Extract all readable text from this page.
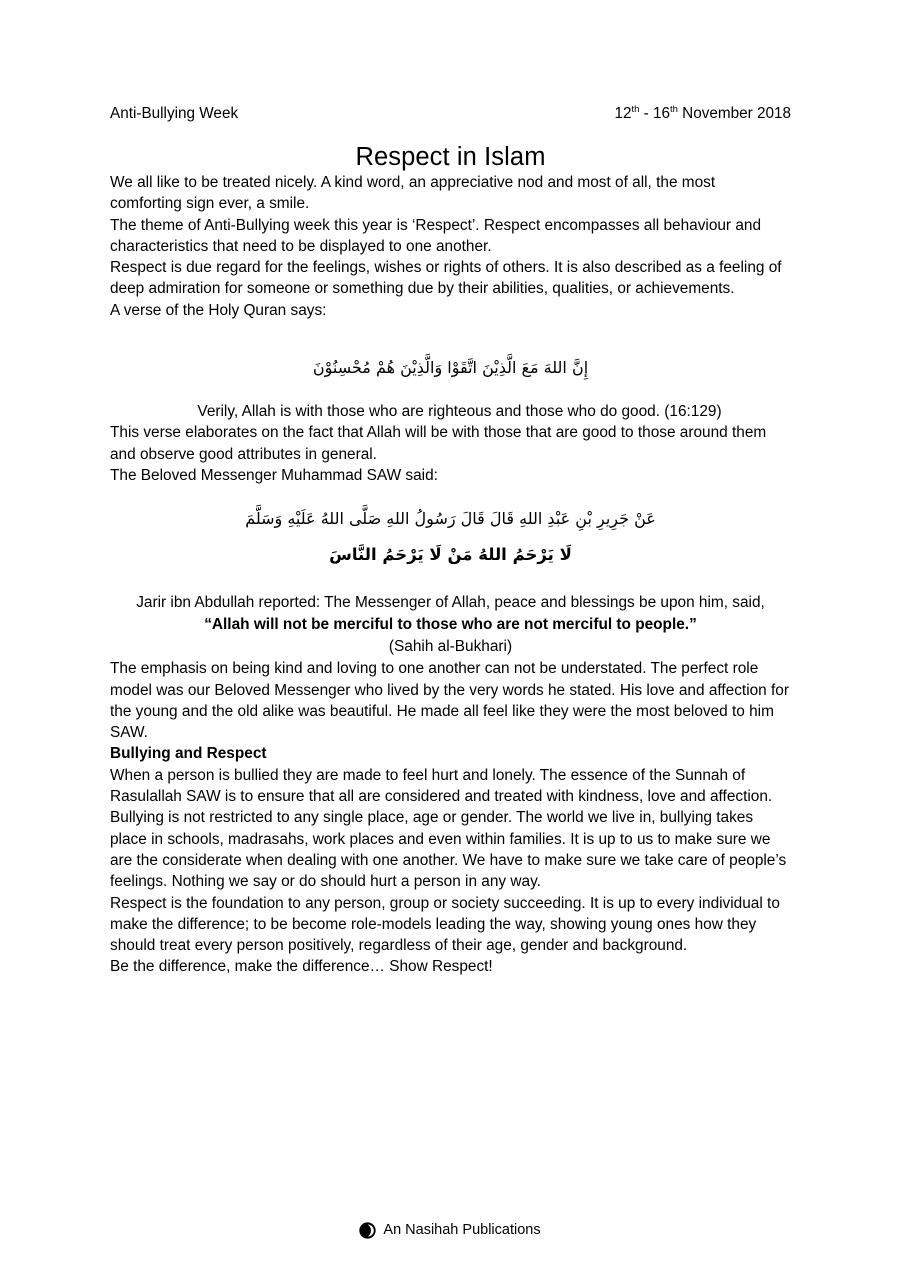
Anti-Bullying Week	12th - 16th November 2018
Respect in Islam

We all like to be treated nicely. A kind word, an appreciative nod and most of all, the most comforting sign ever, a smile.

The theme of Anti-Bullying week this year is ‘Respect’. Respect encompasses all behaviour and characteristics that need to be displayed to one another.

Respect is due regard for the feelings, wishes or rights of others. It is also described as a feeling of deep admiration for someone or something due by their abilities, qualities, or achievements.

A verse of the Holy Quran says:

إِنَّ اللهَ مَعَ الَّذِيْنَ اتَّقَوْا وَالَّذِيْنَ هُمْ مُحْسِنُوْنَ
Verily, Allah is with those who are righteous and those who do good. (16:129)

This verse elaborates on the fact that Allah will be with those that are good to those around them and observe good attributes in general.

The Beloved Messenger Muhammad SAW said:

عَنْ جَرِيرِ بْنِ عَبْدِ اللهِ قَالَ قَالَ رَسُولُ اللهِ صَلَّى اللهُ عَلَيْهِ وَسَلَّمَ
لَا يَرْحَمُ اللهُ مَنْ لَا يَرْحَمُ النَّاسَ
Jarir ibn Abdullah reported: The Messenger of Allah, peace and blessings be upon him, said,
“Allah will not be merciful to those who are not merciful to people.”
(Sahih al-Bukhari)

The emphasis on being kind and loving to one another can not be understated. The perfect role model was our Beloved Messenger who lived by the very words he stated. His love and affection for the young and the old alike was beautiful. He made all feel like they were the most beloved to him SAW.

Bullying and Respect

When a person is bullied they are made to feel hurt and lonely. The essence of the Sunnah of Rasulallah SAW is to ensure that all are considered and treated with kindness, love and affection.

Bullying is not restricted to any single place, age or gender. The world we live in, bullying takes place in schools, madrasahs, work places and even within families. It is up to us to make sure we are the considerate when dealing with one another. We have to make sure we take care of people’s feelings. Nothing we say or do should hurt a person in any way.

Respect is the foundation to any person, group or society succeeding. It is up to every individual to make the difference; to be become role-models leading the way, showing young ones how they should treat every person positively, regardless of their age, gender and background.

Be the difference, make the difference… Show Respect!

An Nasihah Publications
